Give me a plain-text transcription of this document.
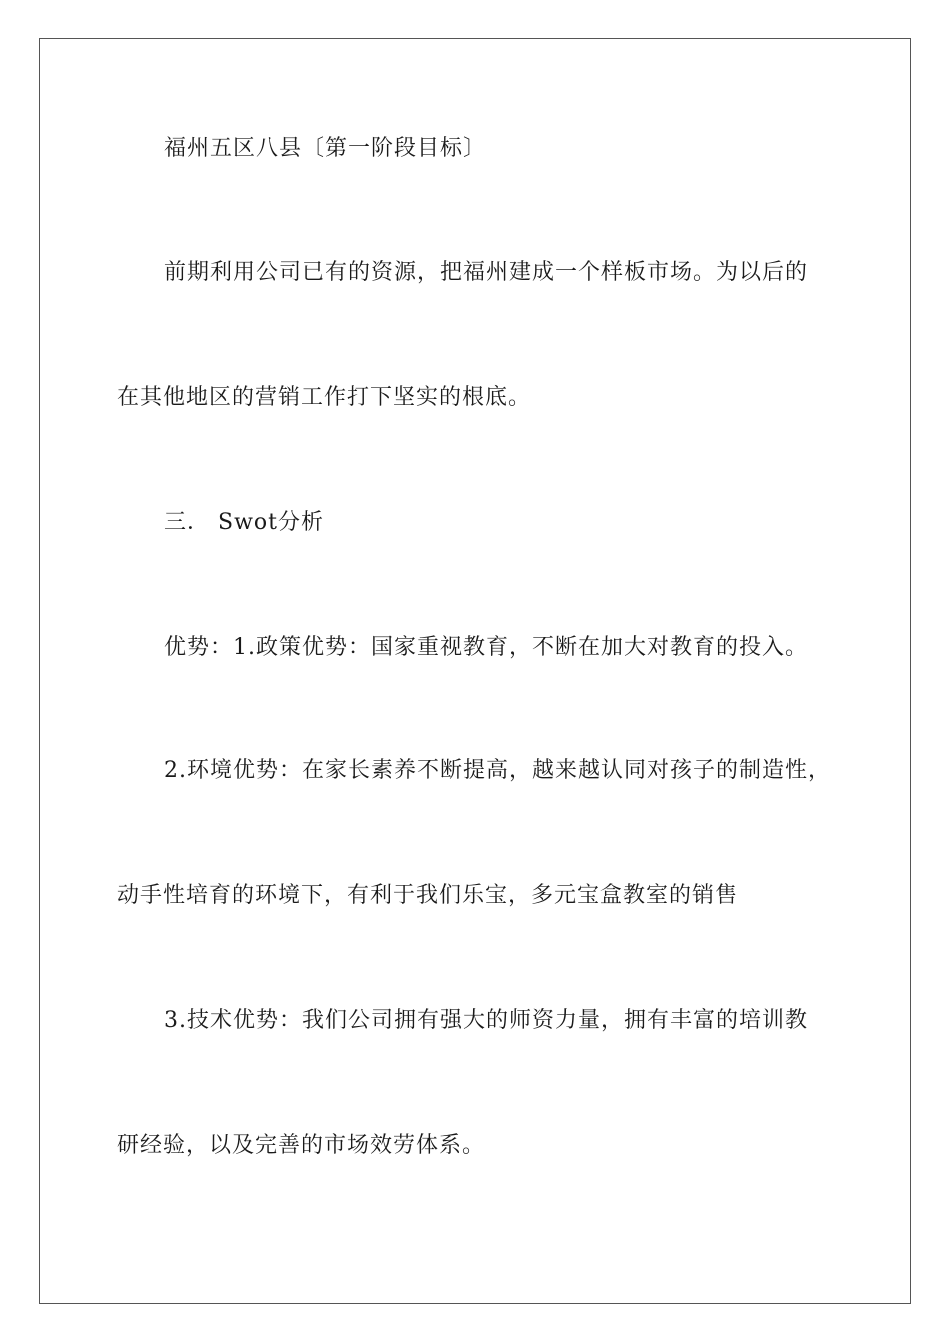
福州五区八县〔第一阶段目标〕
前期利用公司已有的资源，把福州建成一个样板市场。为以后的
在其他地区的营销工作打下坚实的根底。
三． Swot分析
优势：1.政策优势：国家重视教育，不断在加大对教育的投入。
2.环境优势：在家长素养不断提高，越来越认同对孩子的制造性，
动手性培育的环境下，有利于我们乐宝，多元宝盒教室的销售
3.技术优势：我们公司拥有强大的师资力量，拥有丰富的培训教
研经验，以及完善的市场效劳体系。
